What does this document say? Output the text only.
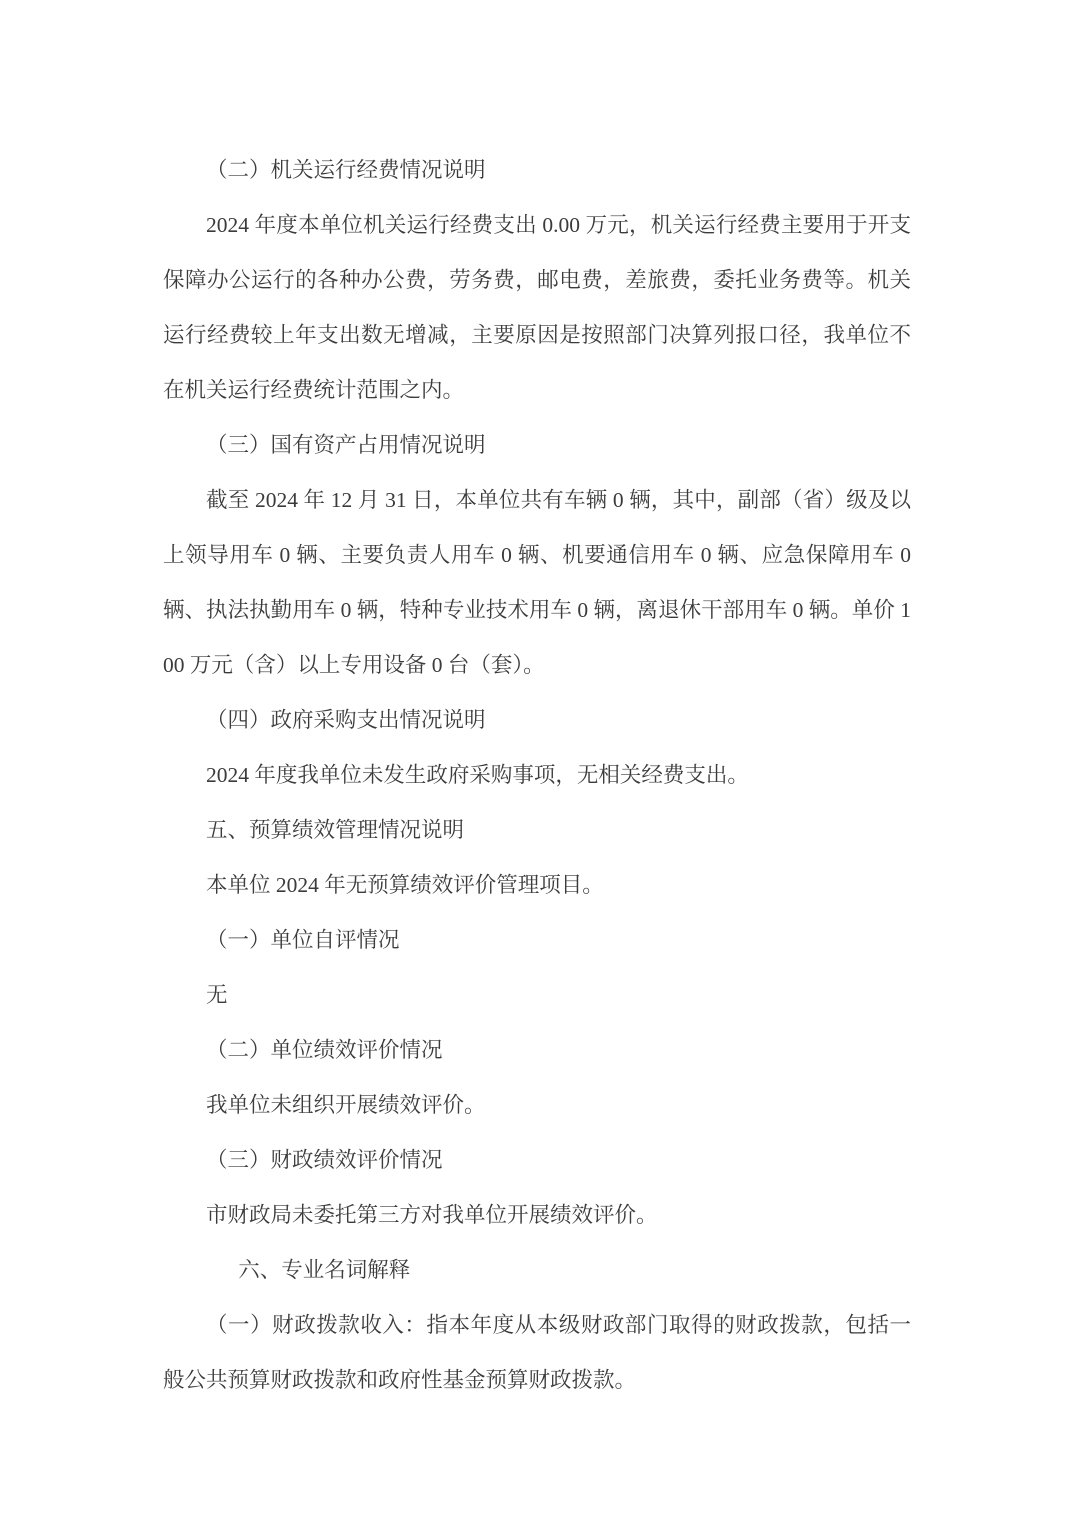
（二）机关运行经费情况说明

2024 年度本单位机关运行经费支出 0.00 万元，机关运行经费主要用于开支保障办公运行的各种办公费，劳务费，邮电费，差旅费，委托业务费等。机关运行经费较上年支出数无增减，主要原因是按照部门决算列报口径，我单位不在机关运行经费统计范围之内。

（三）国有资产占用情况说明

截至 2024 年 12 月 31 日，本单位共有车辆 0 辆，其中，副部（省）级及以上领导用车 0 辆、主要负责人用车 0 辆、机要通信用车 0 辆、应急保障用车 0 辆、执法执勤用车 0 辆，特种专业技术用车 0 辆，离退休干部用车 0 辆。单价 100 万元（含）以上专用设备 0 台（套）。

（四）政府采购支出情况说明

2024 年度我单位未发生政府采购事项，无相关经费支出。

五、预算绩效管理情况说明

本单位 2024 年无预算绩效评价管理项目。

（一）单位自评情况

无

（二）单位绩效评价情况

我单位未组织开展绩效评价。

（三）财政绩效评价情况

市财政局未委托第三方对我单位开展绩效评价。

六、专业名词解释

（一）财政拨款收入：指本年度从本级财政部门取得的财政拨款，包括一般公共预算财政拨款和政府性基金预算财政拨款。
